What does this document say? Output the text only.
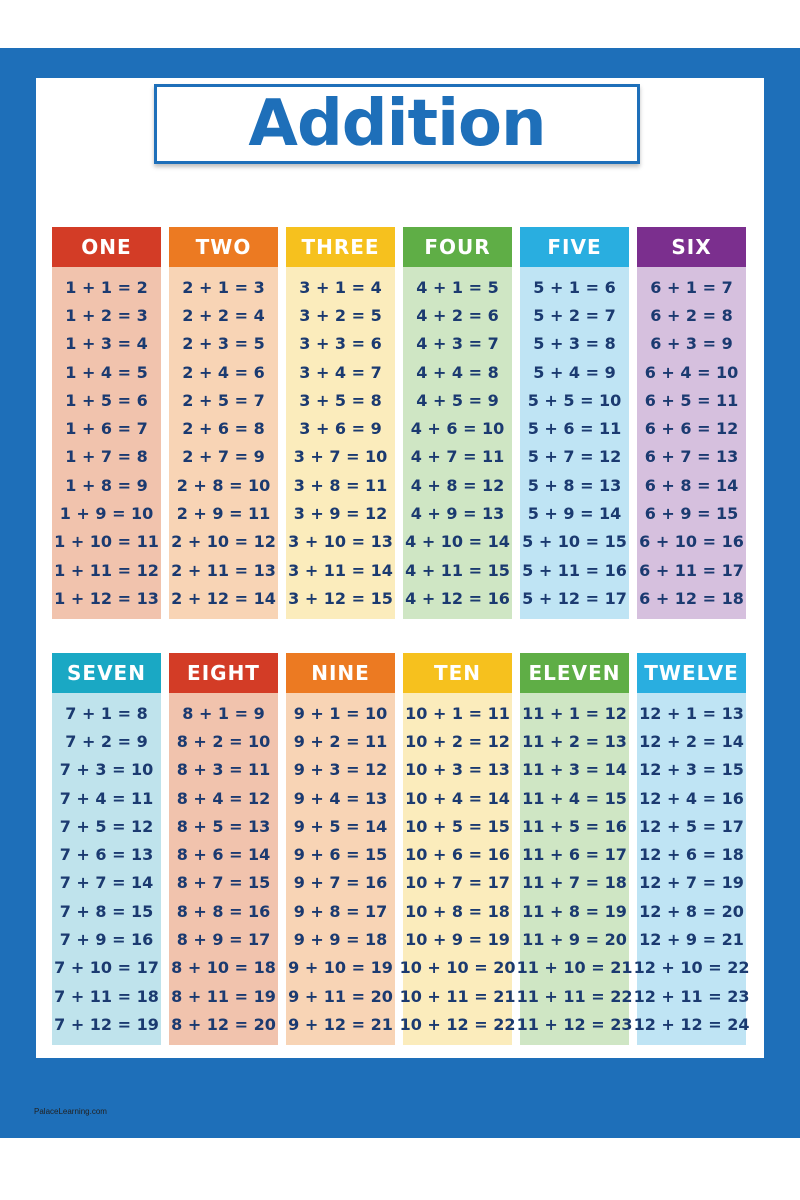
Addition
ONE
1 + 1 = 2
1 + 2 = 3
1 + 3 = 4
1 + 4 = 5
1 + 5 = 6
1 + 6 = 7
1 + 7 = 8
1 + 8 = 9
1 + 9 = 10
1 + 10 = 11
1 + 11 = 12
1 + 12 = 13
TWO
2 + 1 = 3
2 + 2 = 4
2 + 3 = 5
2 + 4 = 6
2 + 5 = 7
2 + 6 = 8
2 + 7 = 9
2 + 8 = 10
2 + 9 = 11
2 + 10 = 12
2 + 11 = 13
2 + 12 = 14
THREE
3 + 1 = 4
3 + 2 = 5
3 + 3 = 6
3 + 4 = 7
3 + 5 = 8
3 + 6 = 9
3 + 7 = 10
3 + 8 = 11
3 + 9 = 12
3 + 10 = 13
3 + 11 = 14
3 + 12 = 15
FOUR
4 + 1 = 5
4 + 2 = 6
4 + 3 = 7
4 + 4 = 8
4 + 5 = 9
4 + 6 = 10
4 + 7 = 11
4 + 8 = 12
4 + 9 = 13
4 + 10 = 14
4 + 11 = 15
4 + 12 = 16
FIVE
5 + 1 = 6
5 + 2 = 7
5 + 3 = 8
5 + 4 = 9
5 + 5 = 10
5 + 6 = 11
5 + 7 = 12
5 + 8 = 13
5 + 9 = 14
5 + 10 = 15
5 + 11 = 16
5 + 12 = 17
SIX
6 + 1 = 7
6 + 2 = 8
6 + 3 = 9
6 + 4 = 10
6 + 5 = 11
6 + 6 = 12
6 + 7 = 13
6 + 8 = 14
6 + 9 = 15
6 + 10 = 16
6 + 11 = 17
6 + 12 = 18
SEVEN
7 + 1 = 8
7 + 2 = 9
7 + 3 = 10
7 + 4 = 11
7 + 5 = 12
7 + 6 = 13
7 + 7 = 14
7 + 8 = 15
7 + 9 = 16
7 + 10 = 17
7 + 11 = 18
7 + 12 = 19
EIGHT
8 + 1 = 9
8 + 2 = 10
8 + 3 = 11
8 + 4 = 12
8 + 5 = 13
8 + 6 = 14
8 + 7 = 15
8 + 8 = 16
8 + 9 = 17
8 + 10 = 18
8 + 11 = 19
8 + 12 = 20
NINE
9 + 1 = 10
9 + 2 = 11
9 + 3 = 12
9 + 4 = 13
9 + 5 = 14
9 + 6 = 15
9 + 7 = 16
9 + 8 = 17
9 + 9 = 18
9 + 10 = 19
9 + 11 = 20
9 + 12 = 21
TEN
10 + 1 = 11
10 + 2 = 12
10 + 3 = 13
10 + 4 = 14
10 + 5 = 15
10 + 6 = 16
10 + 7 = 17
10 + 8 = 18
10 + 9 = 19
10 + 10 = 20
10 + 11 = 21
10 + 12 = 22
ELEVEN
11 + 1 = 12
11 + 2 = 13
11 + 3 = 14
11 + 4 = 15
11 + 5 = 16
11 + 6 = 17
11 + 7 = 18
11 + 8 = 19
11 + 9 = 20
11 + 10 = 21
11 + 11 = 22
11 + 12 = 23
TWELVE
12 + 1 = 13
12 + 2 = 14
12 + 3 = 15
12 + 4 = 16
12 + 5 = 17
12 + 6 = 18
12 + 7 = 19
12 + 8 = 20
12 + 9 = 21
12 + 10 = 22
12 + 11 = 23
12 + 12 = 24
PalaceLearning.com
